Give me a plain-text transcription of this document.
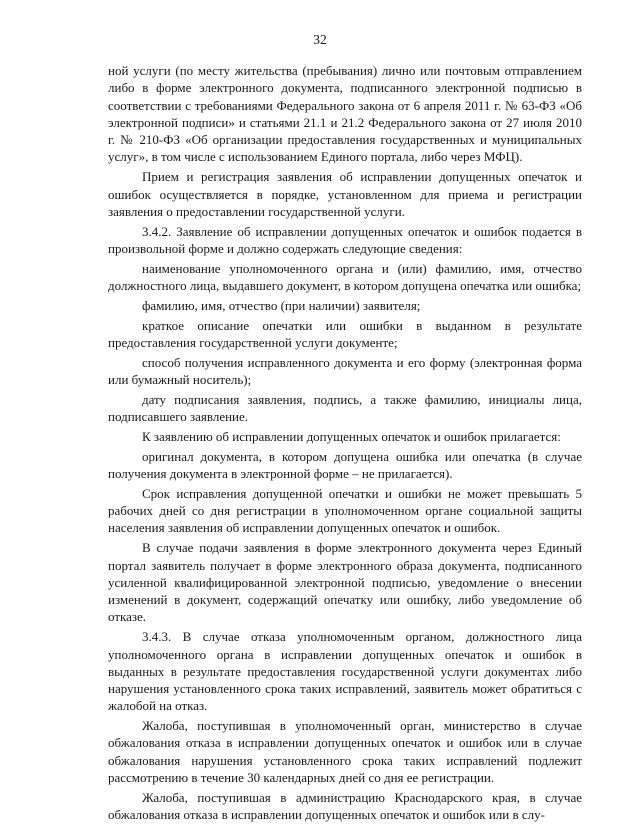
32

ной услуги (по месту жительства (пребывания) лично или почтовым отправлением либо в форме электронного документа, подписанного электронной подписью в соответствии с требованиями Федерального закона от 6 апреля 2011 г. № 63-ФЗ «Об электронной подписи» и статьями 21.1 и 21.2 Федерального закона от 27 июля 2010 г. № 210-ФЗ «Об организации предоставления государственных и муниципальных услуг», в том числе с использованием Единого портала, либо через МФЦ).

Прием и регистрация заявления об исправлении допущенных опечаток и ошибок осуществляется в порядке, установленном для приема и регистрации заявления о предоставлении государственной услуги.

3.4.2. Заявление об исправлении допущенных опечаток и ошибок подается в произвольной форме и должно содержать следующие сведения:

наименование уполномоченного органа и (или) фамилию, имя, отчество должностного лица, выдавшего документ, в котором допущена опечатка или ошибка;

фамилию, имя, отчество (при наличии) заявителя;

краткое описание опечатки или ошибки в выданном в результате предоставления государственной услуги документе;

способ получения исправленного документа и его форму (электронная форма или бумажный носитель);

дату подписания заявления, подпись, а также фамилию, инициалы лица, подписавшего заявление.

К заявлению об исправлении допущенных опечаток и ошибок прилагается:

оригинал документа, в котором допущена ошибка или опечатка (в случае получения документа в электронной форме – не прилагается).

Срок исправления допущенной опечатки и ошибки не может превышать 5 рабочих дней со дня регистрации в уполномоченном органе социальной защиты населения заявления об исправлении допущенных опечаток и ошибок.

В случае подачи заявления в форме электронного документа через Единый портал заявитель получает в форме электронного образа документа, подписанного усиленной квалифицированной электронной подписью, уведомление о внесении изменений в документ, содержащий опечатку или ошибку, либо уведомление об отказе.

3.4.3. В случае отказа уполномоченным органом, должностного лица уполномоченного органа в исправлении допущенных опечаток и ошибок в выданных в результате предоставления государственной услуги документах либо нарушения установленного срока таких исправлений, заявитель может обратиться с жалобой на отказ.

Жалоба, поступившая в уполномоченный орган, министерство в случае обжалования отказа в исправлении допущенных опечаток и ошибок или в случае обжалования нарушения установленного срока таких исправлений подлежит рассмотрению в течение 30 календарных дней со дня ее регистрации.

Жалоба, поступившая в администрацию Краснодарского края, в случае обжалования отказа в исправлении допущенных опечаток и ошибок или в слу-
